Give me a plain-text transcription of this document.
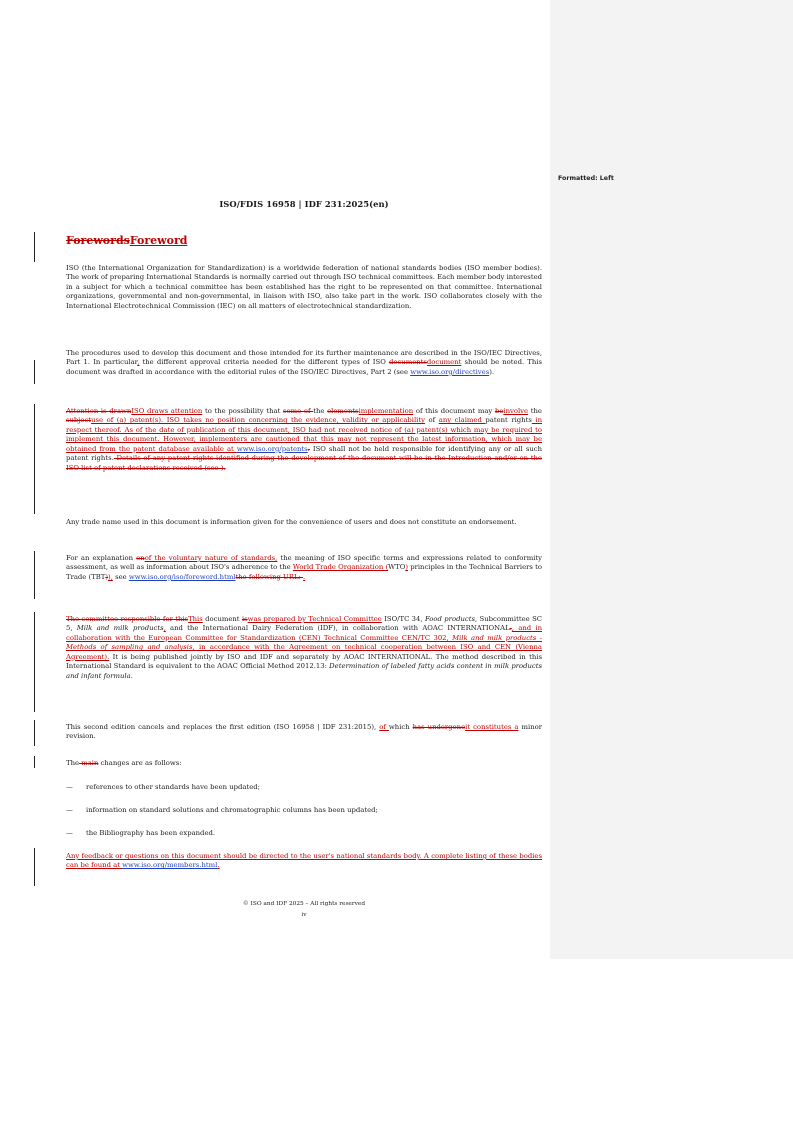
Formatted: Left
ISO/FDIS 16958 | IDF 231:2025(en)
ForewordsForeword
ISO (the International Organization for Standardization) is a worldwide federation of national standards bodies (ISO member bodies). The work of preparing International Standards is normally carried out through ISO technical committees. Each member body interested in a subject for which a technical committee has been established has the right to be represented on that committee. International organizations, governmental and non-governmental, in liaison with ISO, also take part in the work. ISO collaborates closely with the International Electrotechnical Commission (IEC) on all matters of electrotechnical standardization.
The procedures used to develop this document and those intended for its further maintenance are described in the ISO/IEC Directives, Part 1. In particular, the different approval criteria needed for the different types of ISO documentsdocument should be noted. This document was drafted in accordance with the editorial rules of the ISO/IEC Directives, Part 2 (see www.iso.org/directives).
Attention is drawnISO draws attention to the possibility that some of the elementsimplementation of this document may beinvolve the subjectuse of (a) patent(s). ISO takes no position concerning the evidence, validity or applicability of any claimed patent rights in respect thereof. As of the date of publication of this document, ISO had not received notice of (a) patent(s) which may be required to implement this document. However, implementers are cautioned that this may not represent the latest information, which may be obtained from the patent database available at www.iso.org/patents. ISO shall not be held responsible for identifying any or all such patent rights. Details of any patent rights identified during the development of the document will be in the Introduction and/or on the ISO list of patent declarations received (see ).
Any trade name used in this document is information given for the convenience of users and does not constitute an endorsement.
For an explanation onof the voluntary nature of standards, the meaning of ISO specific terms and expressions related to conformity assessment, as well as information about ISO's adherence to the World Trade Organization (WTO) principles in the Technical Barriers to Trade (TBT)), see www.iso.org/iso/foreword.htmlthe following URL: .
The committee responsible for thisThis document iswas prepared by Technical Committee ISO/TC 34, Food products, Subcommittee SC 5, Milk and milk products, and the International Dairy Federation (IDF), in collaboration with AOAC INTERNATIONAL., and in collaboration with the European Committee for Standardization (CEN) Technical Committee CEN/TC 302, Milk and milk products - Methods of sampling and analysis, in accordance with the Agreement on technical cooperation between ISO and CEN (Vienna Agreement). It is being published jointly by ISO and IDF and separately by AOAC INTERNATIONAL. The method described in this International Standard is equivalent to the AOAC Official Method 2012.13: Determination of labeled fatty acids content in milk products and infant formula.
This second edition cancels and replaces the first edition (ISO 16958 | IDF 231:2015), of which has undergoneit constitutes a minor revision.
The main changes are as follows:
— references to other standards have been updated;
— information on standard solutions and chromatographic columns has been updated;
— the Bibliography has been expanded.
Any feedback or questions on this document should be directed to the user's national standards body. A complete listing of these bodies can be found at www.iso.org/members.html.
© ISO and IDF 2025 – All rights reserved
iv
